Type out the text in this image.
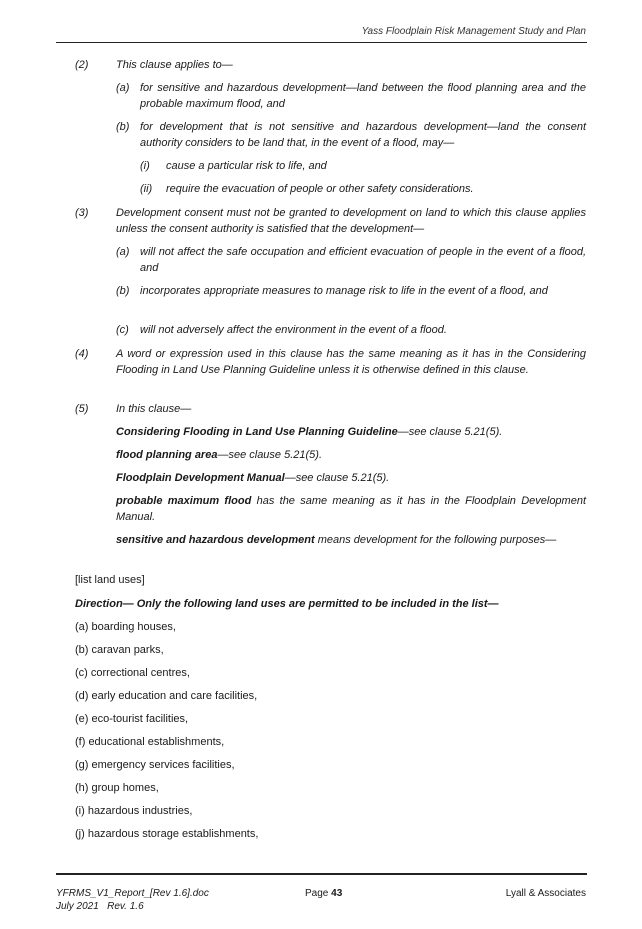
Yass Floodplain Risk Management Study and Plan
(2)	This clause applies to—
(a) for sensitive and hazardous development—land between the flood planning area and the probable maximum flood, and
(b) for development that is not sensitive and hazardous development—land the consent authority considers to be land that, in the event of a flood, may—
(i) cause a particular risk to life, and
(ii) require the evacuation of people or other safety considerations.
(3)	Development consent must not be granted to development on land to which this clause applies unless the consent authority is satisfied that the development—
(a) will not affect the safe occupation and efficient evacuation of people in the event of a flood, and
(b) incorporates appropriate measures to manage risk to life in the event of a flood, and
(c) will not adversely affect the environment in the event of a flood.
(4)	A word or expression used in this clause has the same meaning as it has in the Considering Flooding in Land Use Planning Guideline unless it is otherwise defined in this clause.
(5)	In this clause—
Considering Flooding in Land Use Planning Guideline—see clause 5.21(5).
flood planning area—see clause 5.21(5).
Floodplain Development Manual—see clause 5.21(5).
probable maximum flood has the same meaning as it has in the Floodplain Development Manual.
sensitive and hazardous development means development for the following purposes—
[list land uses]
Direction— Only the following land uses are permitted to be included in the list—
(a) boarding houses,
(b) caravan parks,
(c) correctional centres,
(d) early education and care facilities,
(e) eco-tourist facilities,
(f) educational establishments,
(g) emergency services facilities,
(h) group homes,
(i) hazardous industries,
(j) hazardous storage establishments,
YFRMS_V1_Report_[Rev 1.6].doc
July 2021   Rev. 1.6
Page 43	Lyall & Associates
